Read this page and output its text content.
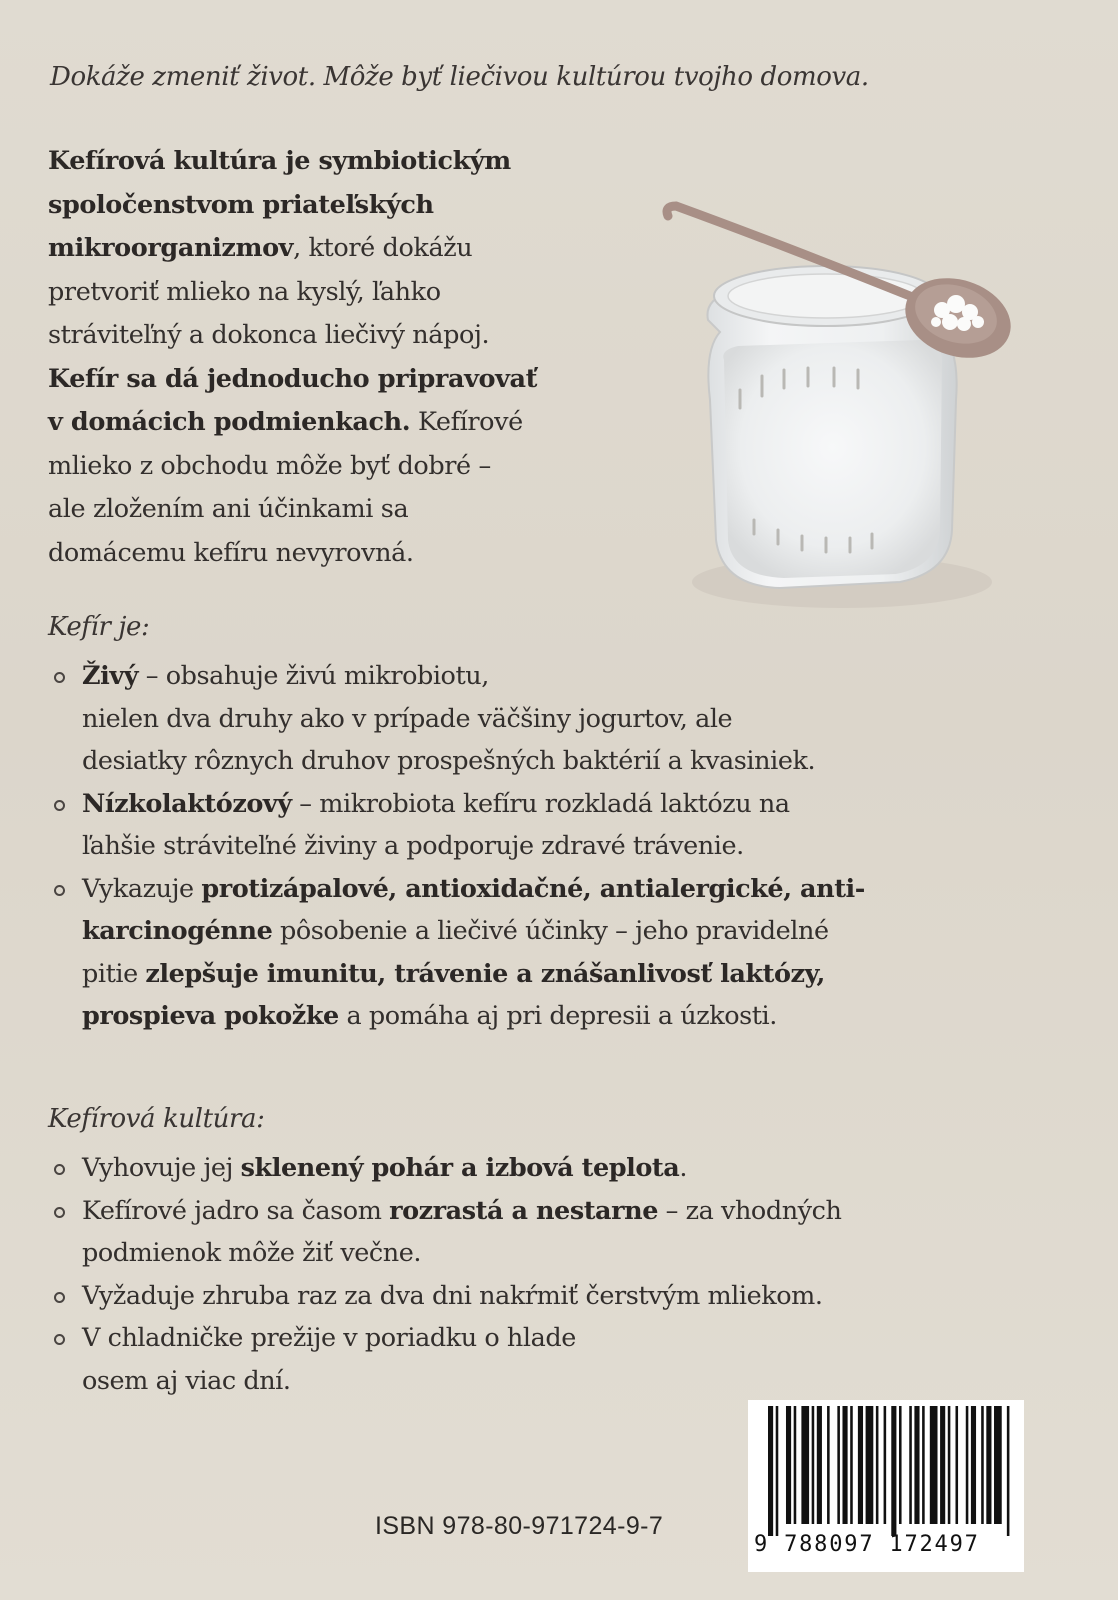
Dokáže zmeniť život. Môže byť liečivou kultúrou tvojho domova.

Kefírová kultúra je symbiotickým
spoločenstvom priateľských
mikroorganizmov, ktoré dokážu
pretvoriť mlieko na kyslý, ľahko
stráviteľný a dokonca liečivý nápoj.
Kefír sa dá jednoducho pripravovať
v domácich podmienkach. Kefírové
mlieko z obchodu môže byť dobré –
ale zložením ani účinkami sa
domácemu kefíru nevyrovná.

Kefír je:
Živý – obsahuje živú mikrobiotu,
nielen dva druhy ako v prípade väčšiny jogurtov, ale
desiatky rôznych druhov prospešných baktérií a kvasiniek.
Nízkolaktózový – mikrobiota kefíru rozkladá laktózu na
ľahšie stráviteľné živiny a podporuje zdravé trávenie.
Vykazuje protizápalové, antioxidačné, antialergické, anti-
karcinogénne pôsobenie a liečivé účinky – jeho pravidelné
pitie zlepšuje imunitu, trávenie a znášanlivosť laktózy,
prospieva pokožke a pomáha aj pri depresii a úzkosti.
Kefírová kultúra:
Vyhovuje jej sklenený pohár a izbová teplota.
Kefírové jadro sa časom rozrastá a nestarne – za vhodných
podmienok môže žiť večne.
Vyžaduje zhruba raz za dva dni nakŕmiť čerstvým mliekom.
V chladničke prežije v poriadku o hlade
osem aj viac dní.
ISBN 978-80-971724-9-7
9 788097 172497
